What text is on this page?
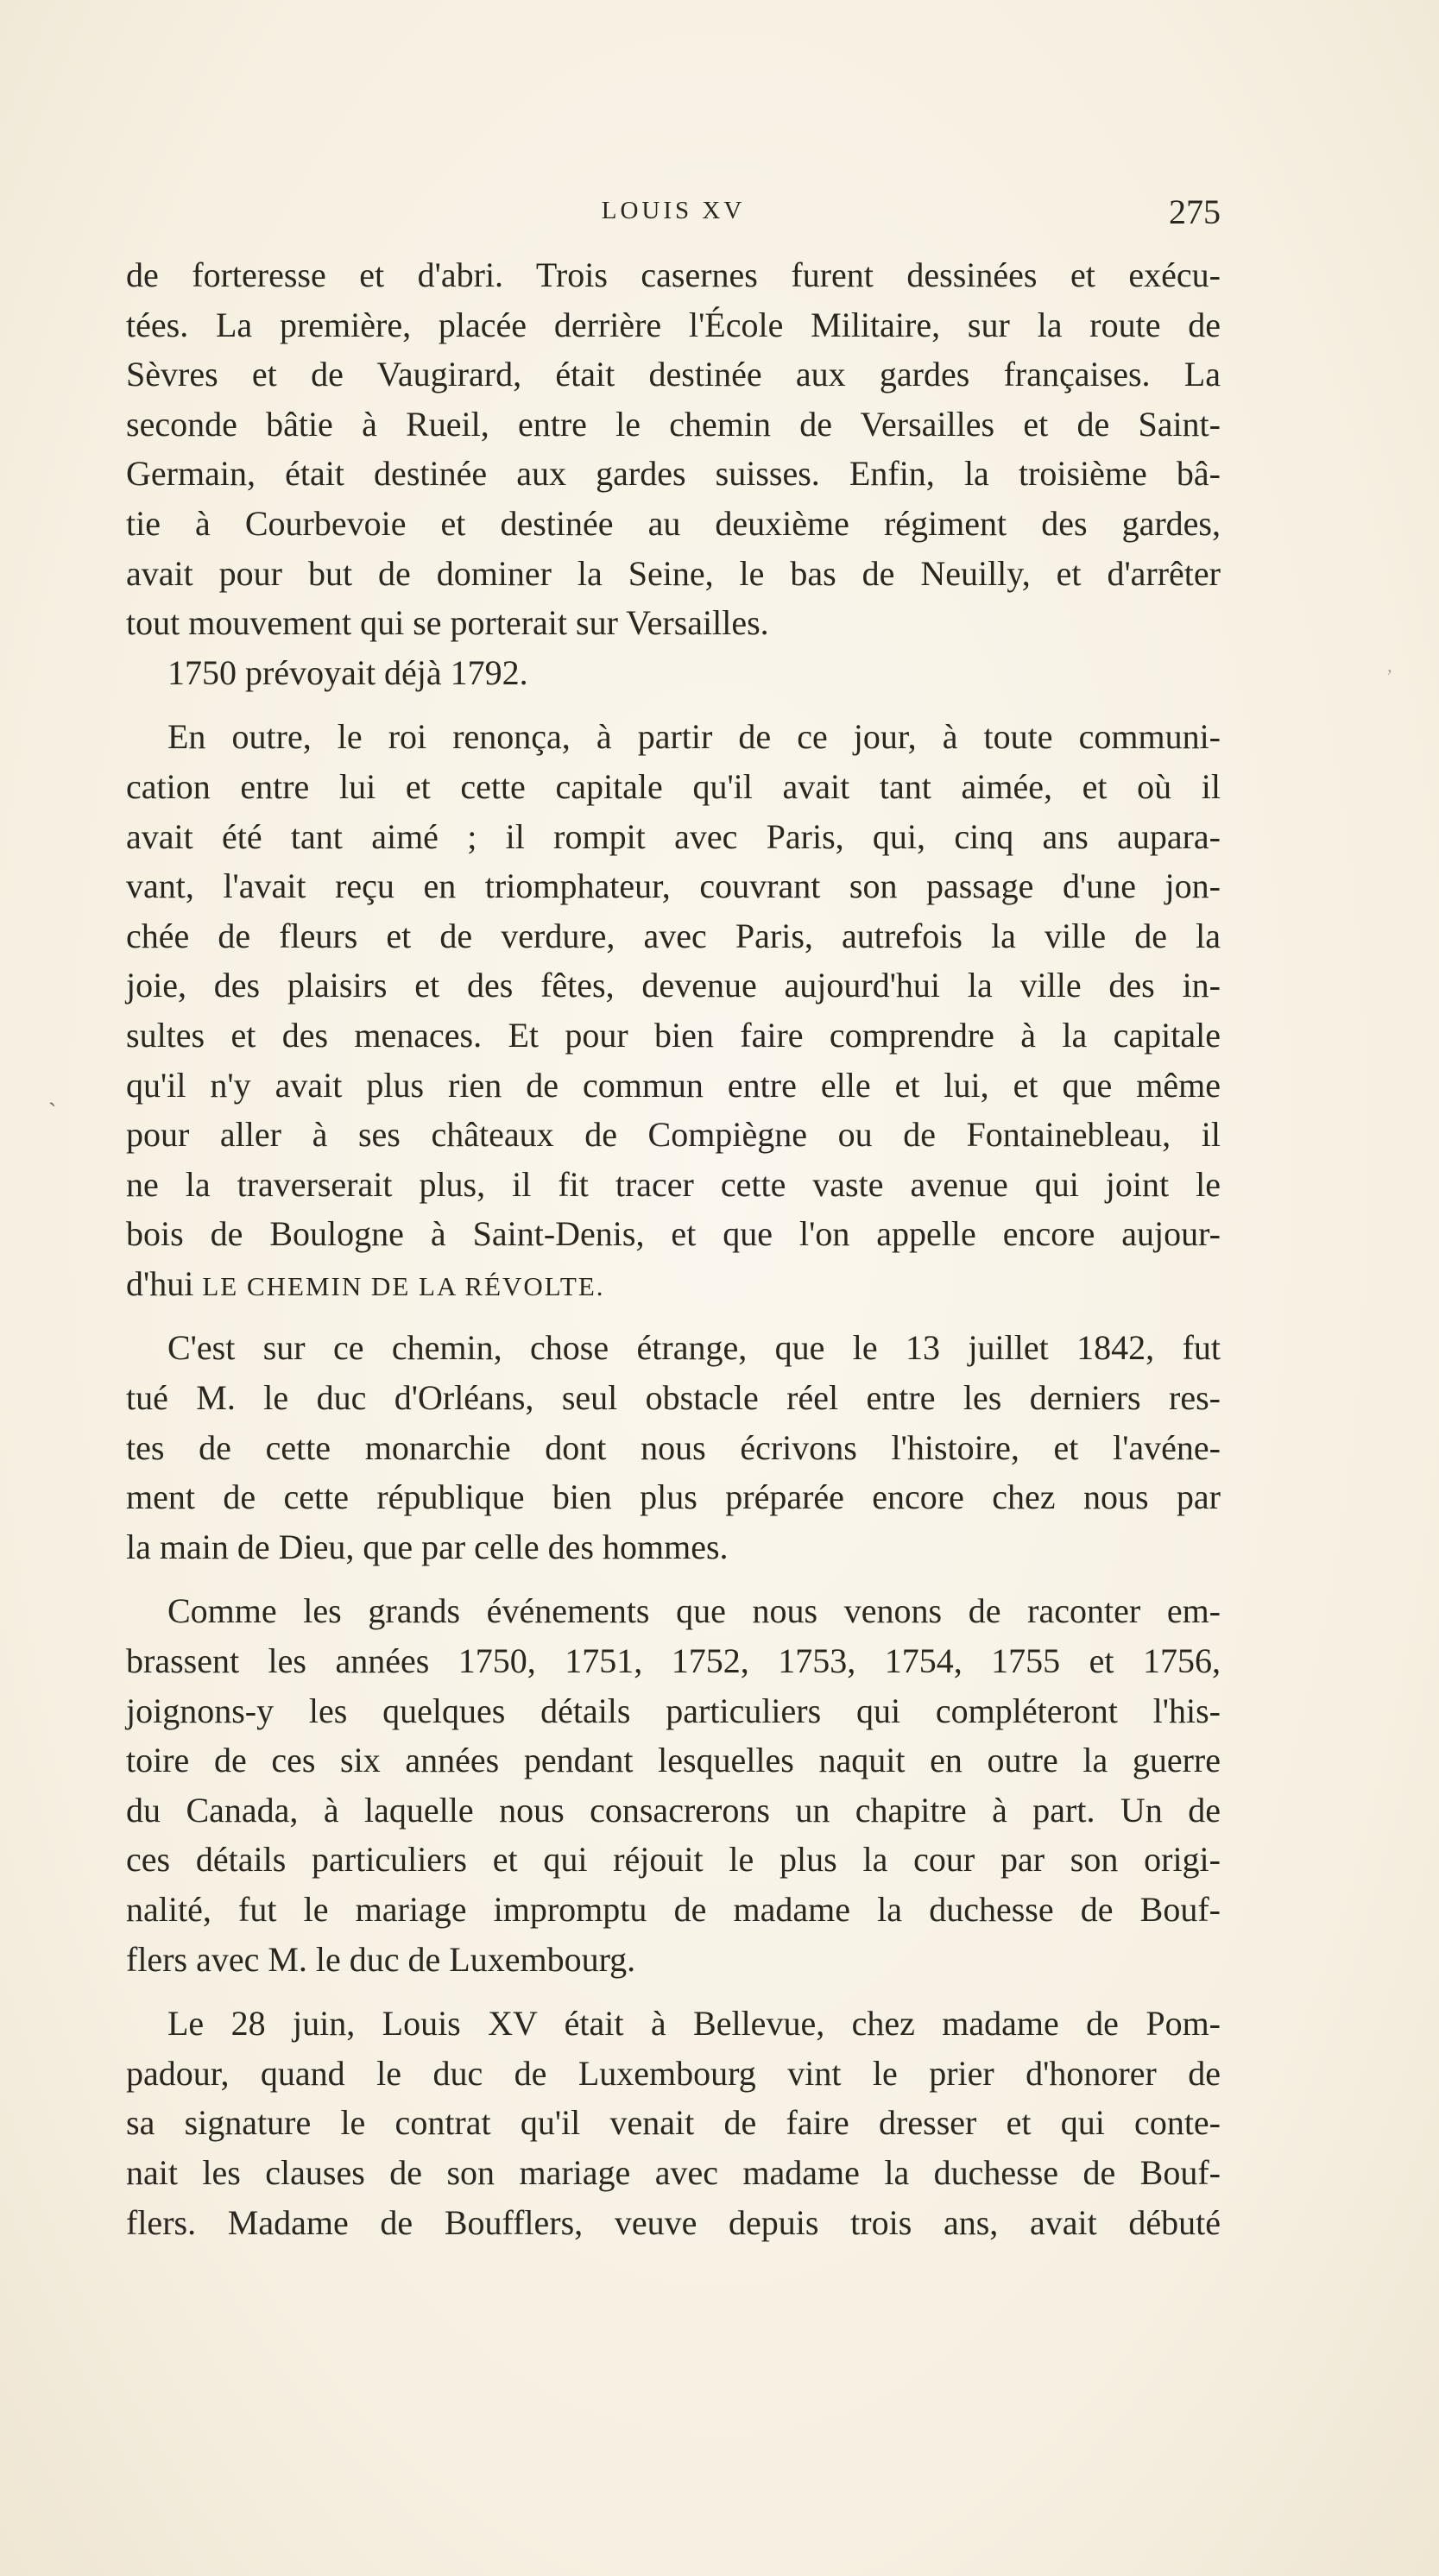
LOUIS XV	275
de forteresse et d'abri. Trois casernes furent dessinées et exécu-
tées. La première, placée derrière l'École Militaire, sur la route de
Sèvres et de Vaugirard, était destinée aux gardes françaises. La
seconde bâtie à Rueil, entre le chemin de Versailles et de Saint-
Germain, était destinée aux gardes suisses. Enfin, la troisième bâ-
tie à Courbevoie et destinée au deuxième régiment des gardes,
avait pour but de dominer la Seine, le bas de Neuilly, et d'arrêter
tout mouvement qui se porterait sur Versailles.
1750 prévoyait déjà 1792.
En outre, le roi renonça, à partir de ce jour, à toute communi-
cation entre lui et cette capitale qu'il avait tant aimée, et où il
avait été tant aimé ; il rompit avec Paris, qui, cinq ans aupara-
vant, l'avait reçu en triomphateur, couvrant son passage d'une jon-
chée de fleurs et de verdure, avec Paris, autrefois la ville de la
joie, des plaisirs et des fêtes, devenue aujourd'hui la ville des in-
sultes et des menaces. Et pour bien faire comprendre à la capitale
qu'il n'y avait plus rien de commun entre elle et lui, et que même
pour aller à ses châteaux de Compiègne ou de Fontainebleau, il
ne la traverserait plus, il fit tracer cette vaste avenue qui joint le
bois de Boulogne à Saint-Denis, et que l'on appelle encore aujour-
d'hui LE CHEMIN DE LA RÉVOLTE.
C'est sur ce chemin, chose étrange, que le 13 juillet 1842, fut
tué M. le duc d'Orléans, seul obstacle réel entre les derniers res-
tes de cette monarchie dont nous écrivons l'histoire, et l'avéne-
ment de cette république bien plus préparée encore chez nous par
la main de Dieu, que par celle des hommes.
Comme les grands événements que nous venons de raconter em-
brassent les années 1750, 1751, 1752, 1753, 1754, 1755 et 1756,
joignons-y les quelques détails particuliers qui compléteront l'his-
toire de ces six années pendant lesquelles naquit en outre la guerre
du Canada, à laquelle nous consacrerons un chapitre à part. Un de
ces détails particuliers et qui réjouit le plus la cour par son origi-
nalité, fut le mariage impromptu de madame la duchesse de Bouf-
flers avec M. le duc de Luxembourg.
Le 28 juin, Louis XV était à Bellevue, chez madame de Pom-
padour, quand le duc de Luxembourg vint le prier d'honorer de
sa signature le contrat qu'il venait de faire dresser et qui conte-
nait les clauses de son mariage avec madame la duchesse de Bouf-
flers. Madame de Boufflers, veuve depuis trois ans, avait débuté
ˏ
ʼ
